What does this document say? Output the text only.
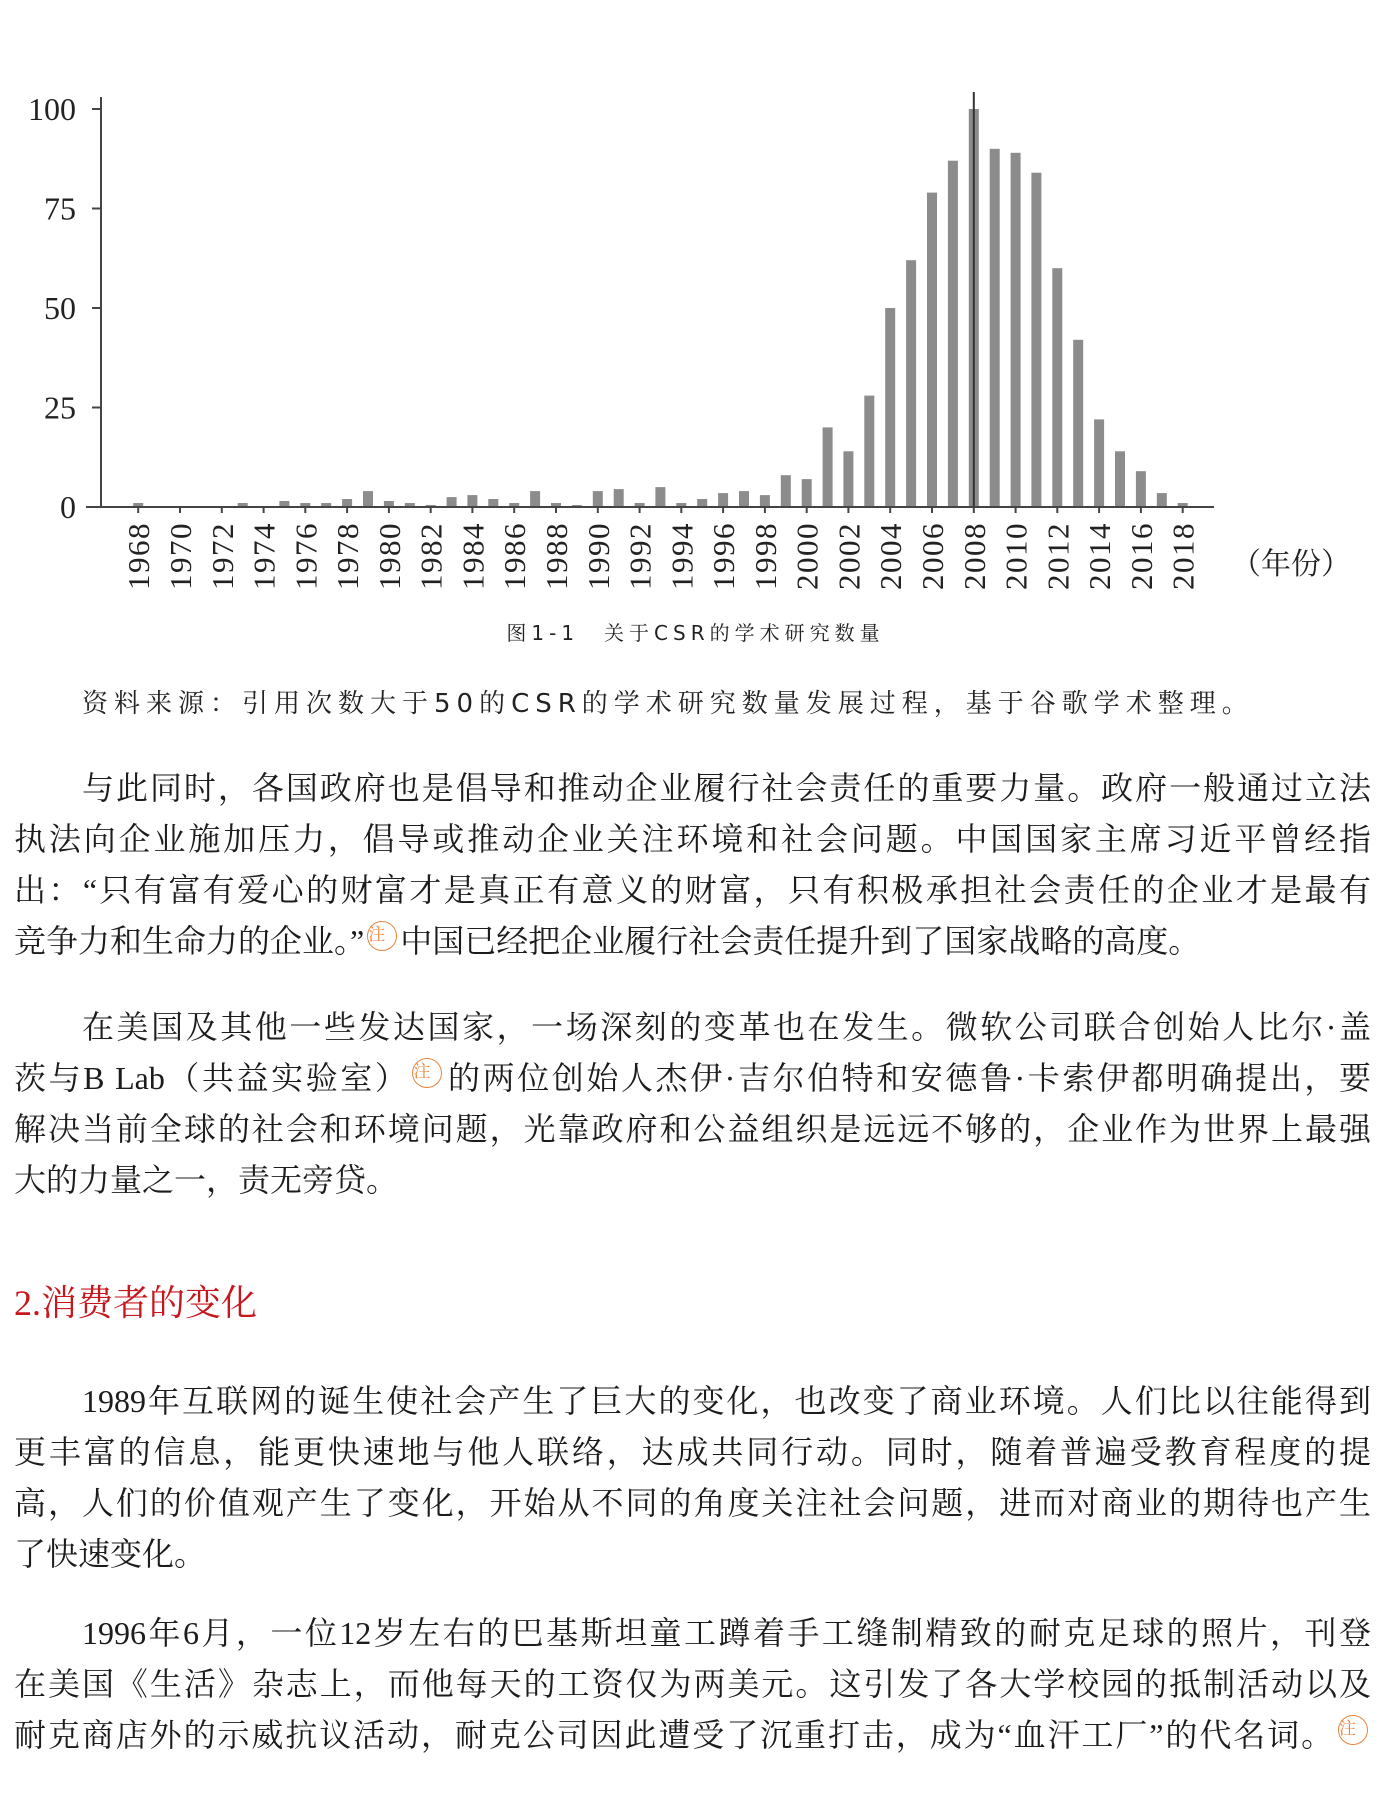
0
25
50
75
100
1968 1970 1972 1974 1976 1978 1980 1982 1984 1986 1988 1990 1992 1994 1996 1998 2000 2002 2004 2006 2008 2010 2012 2014 2016 2018 （年份）
图1-1　关于CSR的学术研究数量
资料来源：引用次数大于50的CSR的学术研究数量发展过程，基于谷歌学术整理。
与此同时，各国政府也是倡导和推动企业履行社会责任的重要力量。政府一般通过立法
执法向企业施加压力，倡导或推动企业关注环境和社会问题。中国国家主席习近平曾经指
出：“只有富有爱心的财富才是真正有意义的财富，只有积极承担社会责任的企业才是最有
竞争力和生命力的企业。” 注 中国已经把企业履行社会责任提升到了国家战略的高度。
在美国及其他一些发达国家，一场深刻的变革也在发生。微软公司联合创始人比尔·盖
茨与B Lab（共益实验室） 注 的两位创始人杰伊·吉尔伯特和安德鲁·卡索伊都明确提出，要
解决当前全球的社会和环境问题，光靠政府和公益组织是远远不够的，企业作为世界上最强
大的力量之一，责无旁贷。
2.消费者的变化
1989年互联网的诞生使社会产生了巨大的变化，也改变了商业环境。人们比以往能得到
更丰富的信息，能更快速地与他人联络，达成共同行动。同时，随着普遍受教育程度的提
高，人们的价值观产生了变化，开始从不同的角度关注社会问题，进而对商业的期待也产生
了快速变化。
1996年6月，一位12岁左右的巴基斯坦童工蹲着手工缝制精致的耐克足球的照片，刊登
在美国《生活》杂志上，而他每天的工资仅为两美元。这引发了各大学校园的抵制活动以及
耐克商店外的示威抗议活动，耐克公司因此遭受了沉重打击，成为“血汗工厂”的代名词。 注
